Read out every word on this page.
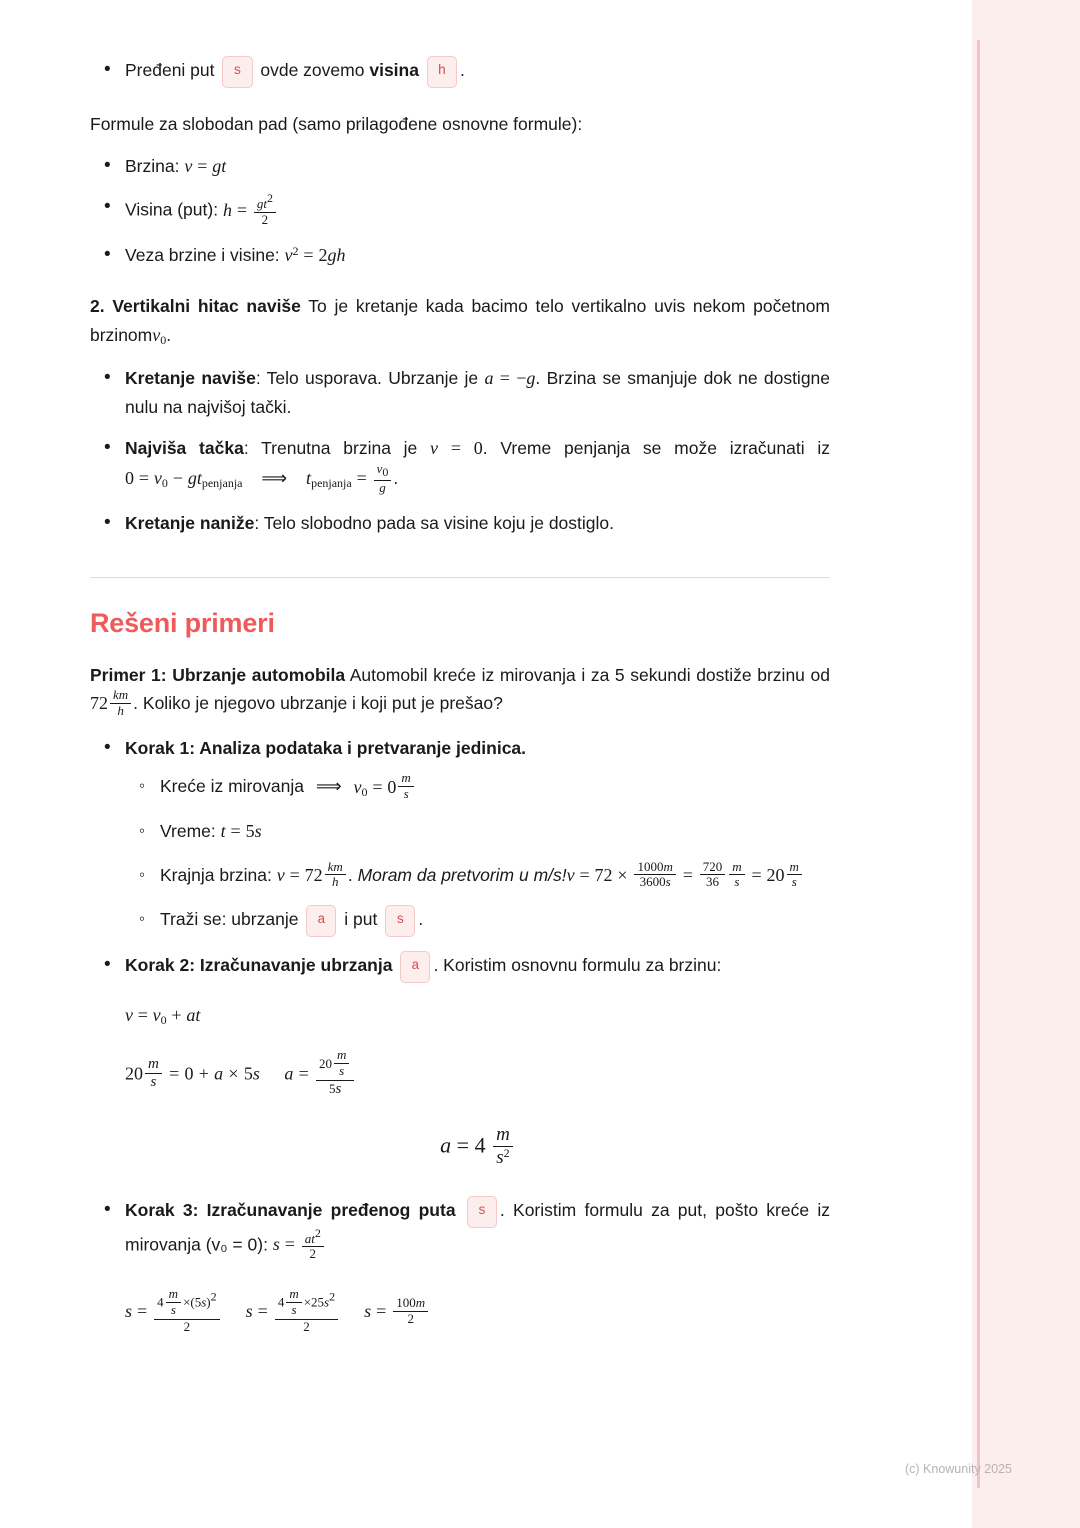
• Pređeni put s ovde zovemo visina h .

Formule za slobodan pad (samo prilagođene osnovne formule):

• Brzina: v = gt
• Visina (put): $h = \frac{gt^2}{2}$
• Veza brzine i visine: $v^2 = 2gh$

2. Vertikalni hitac naviše To je kretanje kada bacimo telo vertikalno uvis nekom početnom brzinomv$_0$.

• Kretanje naviše: Telo usporava. Ubrzanje je a = −g. Brzina se smanjuje dok ne dostigne nulu na najvišoj tački.
• Najviša tačka: Trenutna brzina je v = 0. Vreme penjanja se može izračunati iz $0 = v_0 - gt_{penjanja}$ ⟹ $t_{penjanja} = \frac{v_0}{g}$ .
• Kretanje naniže: Telo slobodno pada sa visine koju je dostiglo.
Rešeni primeri

Primer 1: Ubrzanje automobila Automobil kreće iz mirovanja i za 5 sekundi dostiže brzinu od $72 \frac{km}{h}$ . Koliko je njegovo ubrzanje i koji put je prešao?

• Korak 1: Analiza podataka i pretvaranje jedinica.
◦ Kreće iz mirovanja ⟹ $v_0 = 0 \frac{m}{s}$
◦ Vreme: t = 5s
◦ Krajnja brzina: $v = 72 \frac{km}{h}$ . Moram da pretvorim u $m/s!v = 72 \times \frac{1000m}{3600s} = \frac{720}{36} \frac{m}{s} = 20 \frac{m}{s}$
◦ Traži se: ubrzanje a i put s .
• Korak 2: Izračunavanje ubrzanja a . Koristim osnovnu formulu za brzinu:
$v = v_0$ + at
$20 \frac{m}{s} = 0 + a \times 5s$ $a = \frac{20 \frac{m}{s}}{5s}$
$a = 4 \frac{m}{s^2}$
• Korak 3: Izračunavanje pređenog puta s . Koristim formulu za put, pošto kreće iz mirovanja (v₀ = 0): $s = \frac{at^2}{2}$
$s = \frac{4 \frac{m}{s} \times(5s)^2}{2}$ $s = \frac{4 \frac{m}{s} \times 25s^2}{2}$ $s = \frac{100m}{2}$
(c) Knowunity 2025
